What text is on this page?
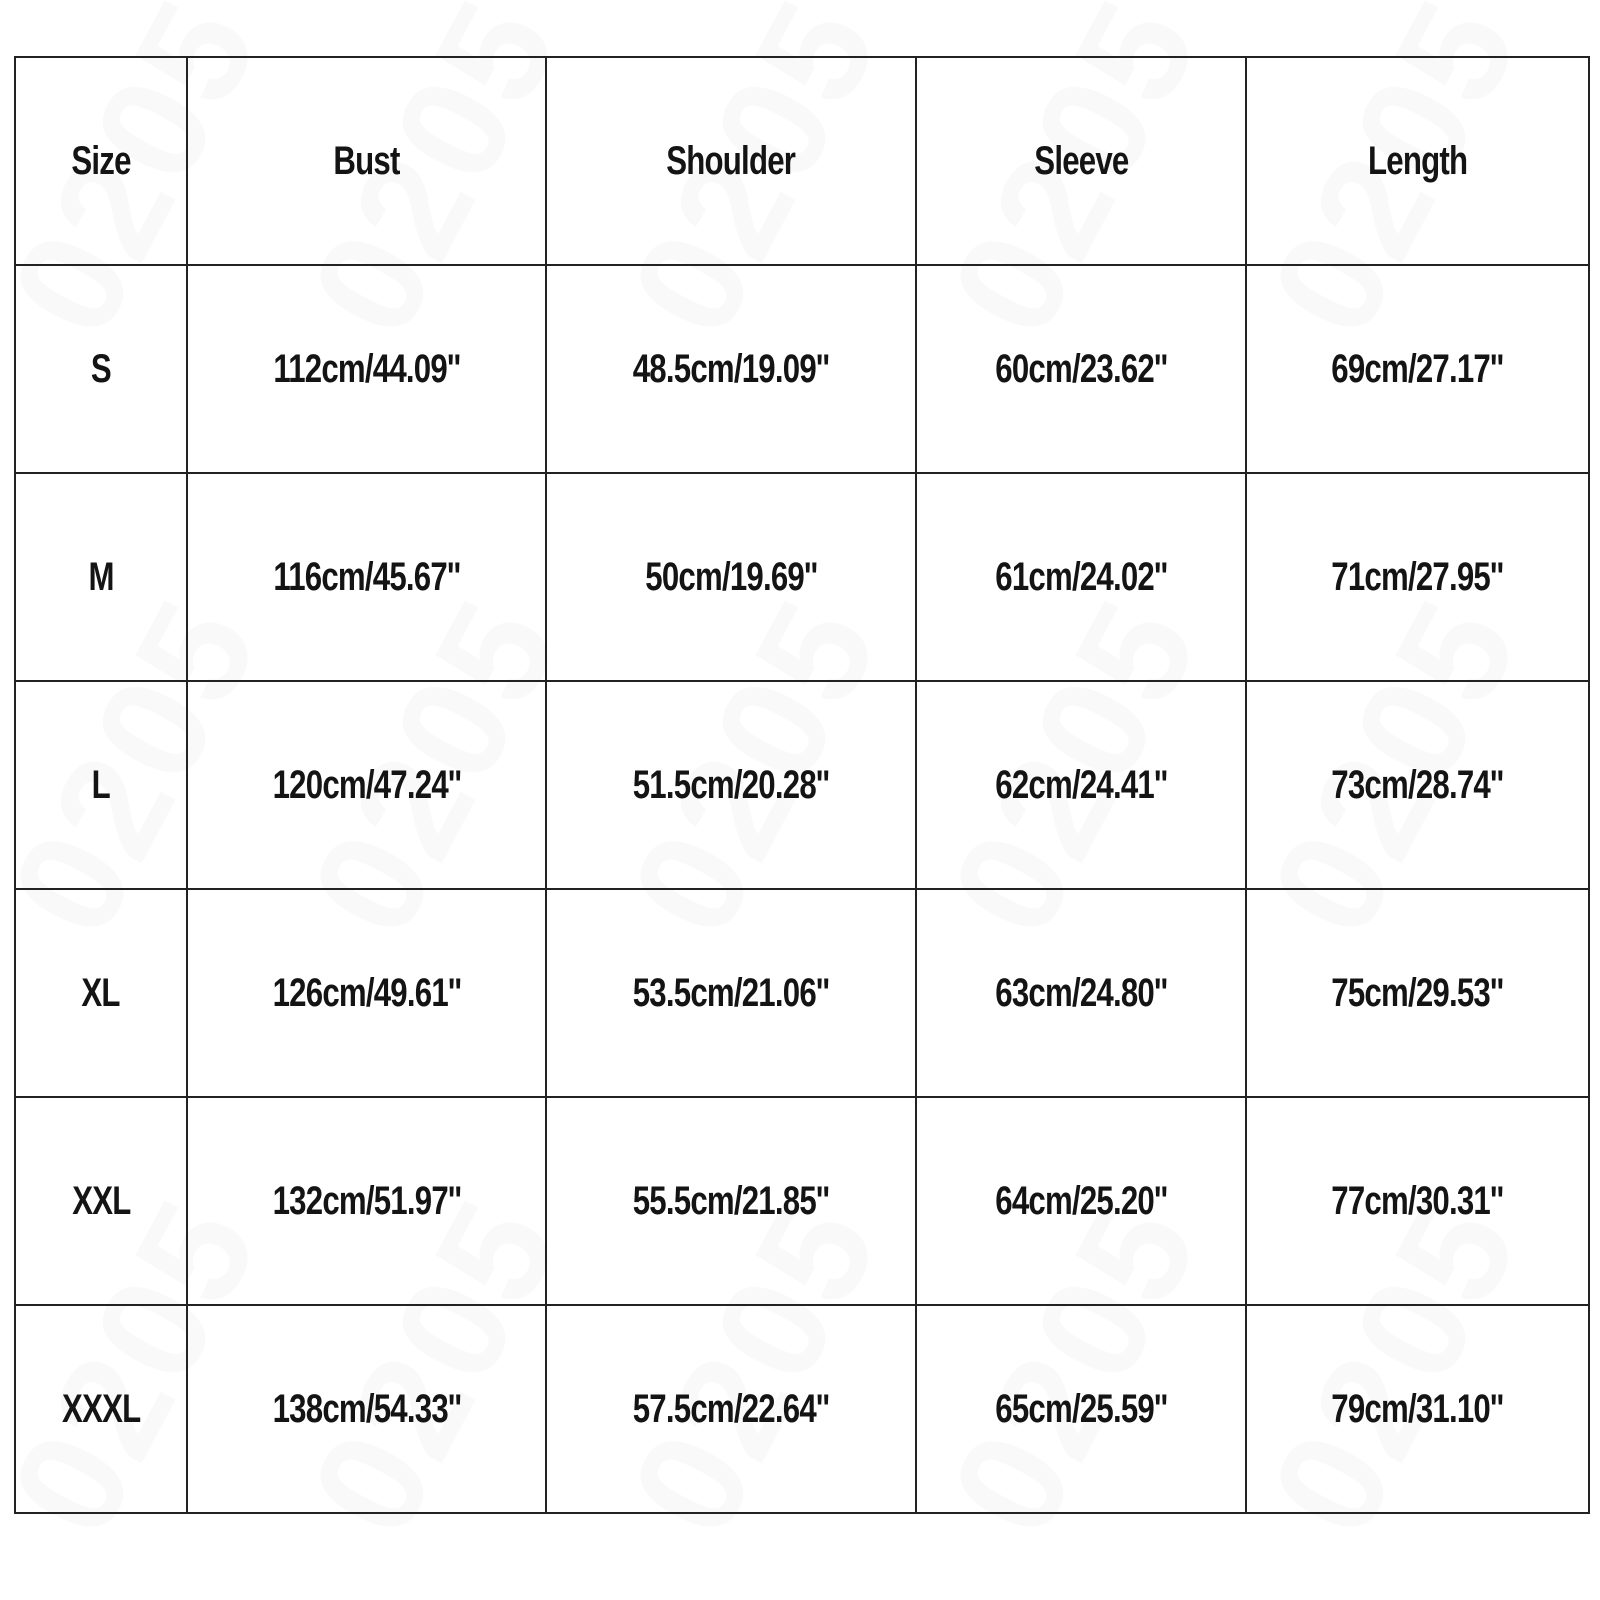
Size	Bust	Shoulder	Sleeve	Length
S	112cm/44.09''	48.5cm/19.09''	60cm/23.62''	69cm/27.17''
M	116cm/45.67''	50cm/19.69''	61cm/24.02''	71cm/27.95''
L	120cm/47.24''	51.5cm/20.28''	62cm/24.41''	73cm/28.74''
XL	126cm/49.61''	53.5cm/21.06''	63cm/24.80''	75cm/29.53''
XXL	132cm/51.97''	55.5cm/21.85''	64cm/25.20''	77cm/30.31''
XXXL	138cm/54.33''	57.5cm/22.64''	65cm/25.59''	79cm/31.10''
